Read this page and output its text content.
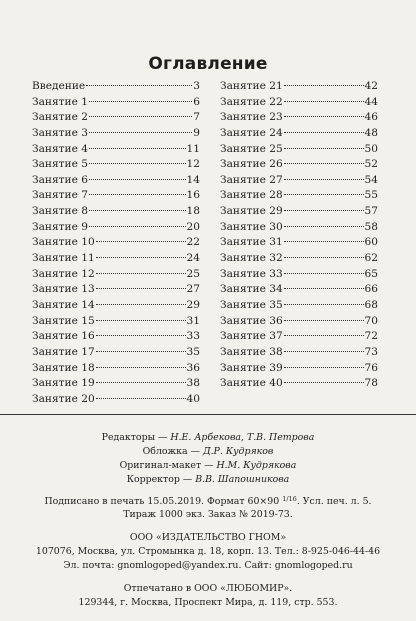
Оглавление
Введение	3
Занятие 1	6
Занятие 2	7
Занятие 3	9
Занятие 4	11
Занятие 5	12
Занятие 6	14
Занятие 7	16
Занятие 8	18
Занятие 9	20
Занятие 10	22
Занятие 11	24
Занятие 12	25
Занятие 13	27
Занятие 14	29
Занятие 15	31
Занятие 16	33
Занятие 17	35
Занятие 18	36
Занятие 19	38
Занятие 20	40
Занятие 21	42
Занятие 22	44
Занятие 23	46
Занятие 24	48
Занятие 25	50
Занятие 26	52
Занятие 27	54
Занятие 28	55
Занятие 29	57
Занятие 30	58
Занятие 31	60
Занятие 32	62
Занятие 33	65
Занятие 34	66
Занятие 35	68
Занятие 36	70
Занятие 37	72
Занятие 38	73
Занятие 39	76
Занятие 40	78
Редакторы — Н.Е. Арбекова, Т.В. Петрова
Обложка — Д.Р. Кудряков
Оригинал-макет — Н.М. Кудрякова
Корректор — В.В. Шапошникова
Подписано в печать 15.05.2019. Формат 60×90 $^{1/16}$. Усл. печ. л. 5.
Тираж 1000 экз. Заказ № 2019-73.
ООО «ИЗДАТЕЛЬСТВО ГНОМ»
107076, Москва, ул. Стромынка д. 18, корп. 13. Тел.: 8-925-046-44-46
Эл. почта: gnomlogoped@yandex.ru. Сайт: gnomlogoped.ru
Отпечатано в ООО «ЛЮБОМИР».
129344, г. Москва, Проспект Мира, д. 119, стр. 553.
